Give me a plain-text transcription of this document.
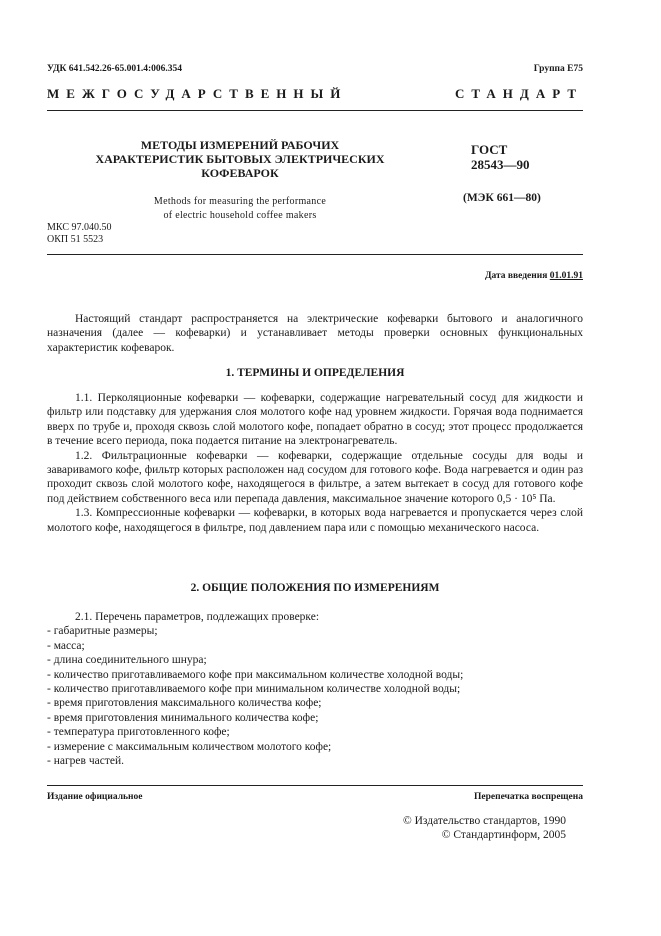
УДК 641.542.26-65.001.4:006.354	Группа Е75
МЕЖГОСУДАРСТВЕННЫЙ СТАНДАРТ
МЕТОДЫ ИЗМЕРЕНИЙ РАБОЧИХ
ХАРАКТЕРИСТИК БЫТОВЫХ ЭЛЕКТРИЧЕСКИХ
КОФЕВАРОК
Methods for measuring the performance
of electric household coffee makers
ГОСТ
28543—90
(МЭК 661—80)
МКС 97.040.50
ОКП 51 5523
Дата введения 01.01.91

Настоящий стандарт распространяется на электрические кофеварки бытового и аналогичного назначения (далее — кофеварки) и устанавливает методы проверки основных функциональных характеристик кофеварок.

1. ТЕРМИНЫ И ОПРЕДЕЛЕНИЯ

1.1. Перколяционные кофеварки — кофеварки, содержащие нагревательный сосуд для жидкости и фильтр или подставку для удержания слоя молотого кофе над уровнем жидкости. Горячая вода поднимается вверх по трубе и, проходя сквозь слой молотого кофе, попадает обратно в сосуд; этот процесс продолжается в течение всего периода, пока подается питание на электронагреватель.

1.2. Фильтрационные кофеварки — кофеварки, содержащие отдельные сосуды для воды и заваривамого кофе, фильтр которых расположен над сосудом для готового кофе. Вода нагревается и один раз проходит сквозь слой молотого кофе, находящегося в фильтре, а затем вытекает в сосуд для готового кофе под действием собственного веса или перепада давления, максимальное значение которого 0,5 · 10⁵ Па.

1.3. Компрессионные кофеварки — кофеварки, в которых вода нагревается и пропускается через слой молотого кофе, находящегося в фильтре, под давлением пара или с помощью механического насоса.

2. ОБЩИЕ ПОЛОЖЕНИЯ ПО ИЗМЕРЕНИЯМ

2.1. Перечень параметров, подлежащих проверке:

- габаритные размеры;

- масса;

- длина соединительного шнура;

- количество приготавливаемого кофе при максимальном количестве холодной воды;

- количество приготавливаемого кофе при минимальном количестве холодной воды;

- время приготовления максимального количества кофе;

- время приготовления минимального количества кофе;

- температура приготовленного кофе;

- измерение с максимальным количеством молотого кофе;

- нагрев частей.

Издание официальное	Перепечатка воспрещена
© Издательство стандартов, 1990
© Стандартинформ, 2005
